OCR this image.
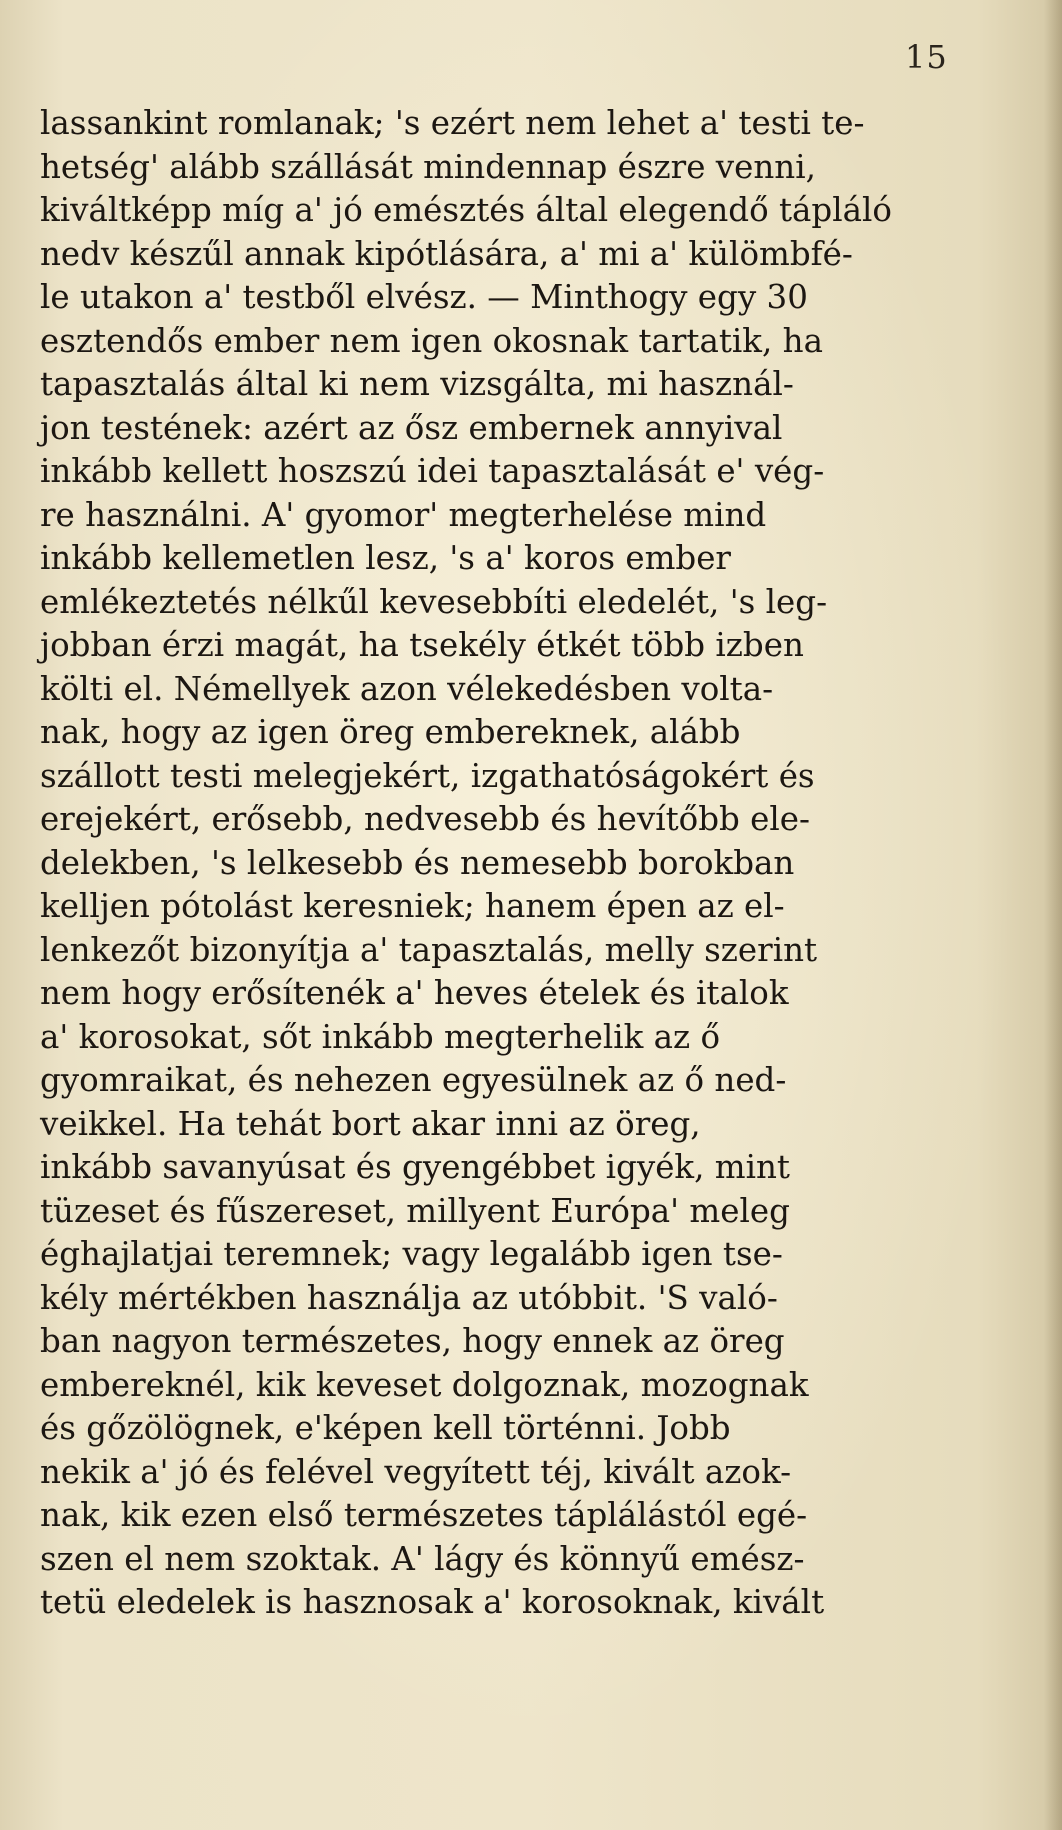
15
lassankint romlanak; 's ezért nem lehet a' testi te-
hetség' alább szállását mindennap észre venni,
kiváltképp míg a' jó emésztés által elegendő tápláló
nedv készűl annak kipótlására, a' mi a' külömbfé-
le utakon a' testből elvész. — Minthogy egy 30
esztendős ember nem igen okosnak tartatik, ha
tapasztalás által ki nem vizsgálta, mi használ-
jon testének: azért az ősz embernek annyival
inkább kellett hoszszú idei tapasztalását e' vég-
re használni. A' gyomor' megterhelése mind
inkább kellemetlen lesz, 's a' koros ember
emlékeztetés nélkűl kevesebbíti eledelét, 's leg-
jobban érzi magát, ha tsekély étkét több izben
költi el. Némellyek azon vélekedésben volta-
nak, hogy az igen öreg embereknek, alább
szállott testi melegjekért, izgathatóságokért és
erejekért, erősebb, nedvesebb és hevítőbb ele-
delekben, 's lelkesebb és nemesebb borokban
kelljen pótolást keresniek; hanem épen az el-
lenkezőt bizonyítja a' tapasztalás, melly szerint
nem hogy erősítenék a' heves ételek és italok
a' korosokat, sőt inkább megterhelik az ő
gyomraikat, és nehezen egyesülnek az ő ned-
veikkel. Ha tehát bort akar inni az öreg,
inkább savanyúsat és gyengébbet igyék, mint
tüzeset és fűszereset, millyent Európa' meleg
éghajlatjai teremnek; vagy legalább igen tse-
kély mértékben használja az utóbbit. 'S való-
ban nagyon természetes, hogy ennek az öreg
embereknél, kik keveset dolgoznak, mozognak
és gőzölögnek, e'képen kell történni. Jobb
nekik a' jó és felével vegyített téj, kivált azok-
nak, kik ezen első természetes táplálástól egé-
szen el nem szoktak. A' lágy és könnyű emész-
tetü eledelek is hasznosak a' korosoknak, kivált
